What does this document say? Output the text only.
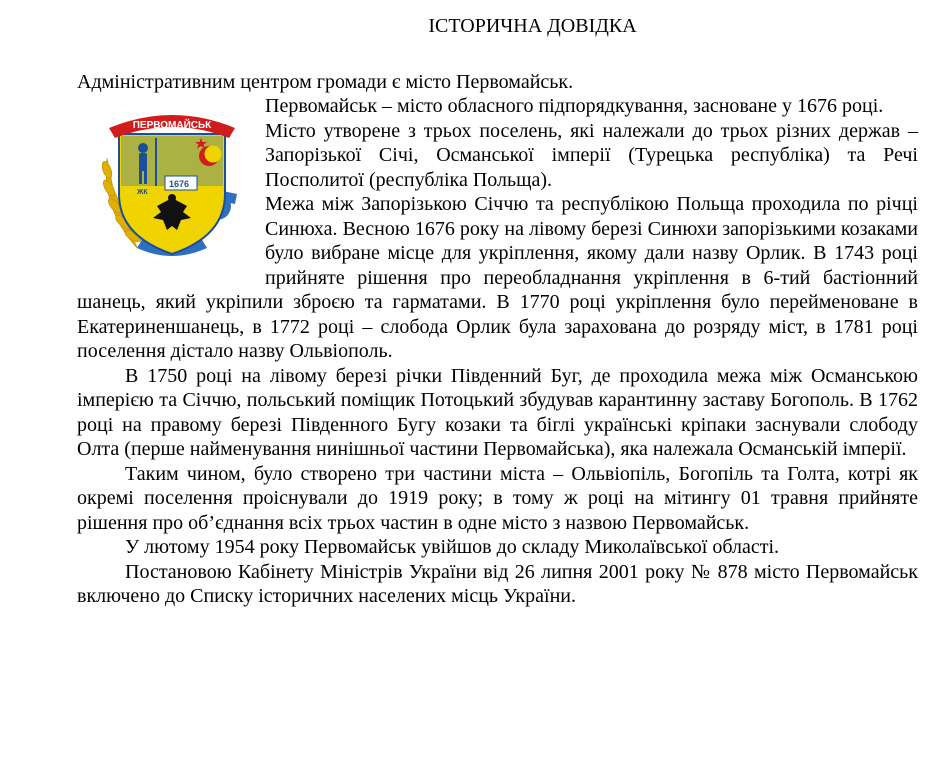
ІСТОРИЧНА ДОВІДКА

Адміністративним центром громади є місто Первомайськ.

ЖК
1676
ПЕРВОМАЙСЬК

Первомайськ – місто обласного підпорядкування, засноване у 1676 році.

Місто утворене з трьох поселень, які належали до трьох різних держав – Запорізької Січі, Османської імперії (Турецька республіка) та Речі Посполитої (республіка Польща).

Межа між Запорізькою Січчю та республікою Польща проходила по річці Синюха. Весною 1676 року на лівому березі Синюхи запорізькими козаками було вибране місце для укріплення, якому дали назву Орлик. В 1743 році прийняте рішення про переобладнання укріплення в 6-тий бастіонний шанець, який укріпили зброєю та гарматами. В 1770 році укріплення було перейменоване в Екатериненшанець, в 1772 році – слобода Орлик була зарахована до розряду міст, в 1781 році поселення дістало назву Ольвіополь.

В 1750 році на лівому березі річки Південний Буг, де проходила межа між Османською імперією та Січчю, польський поміщик Потоцький збудував карантинну заставу Богополь. В 1762 році на правому березі Південного Бугу козаки та біглі українські кріпаки заснували слободу Олта (перше найменування нинішньої частини Первомайська), яка належала Османській імперії.

Таким чином, було створено три частини міста – Ольвіопіль, Богопіль та Голта, котрі як окремі поселення проіснували до 1919 року; в тому ж році на мітингу 01 травня прийняте рішення про об’єднання всіх трьох частин в одне місто з назвою Первомайськ.

У лютому 1954 року Первомайськ увійшов до складу Миколаївської області.

Постановою Кабінету Міністрів України від 26 липня 2001 року № 878 місто Первомайськ включено до Списку історичних населених місць України.
